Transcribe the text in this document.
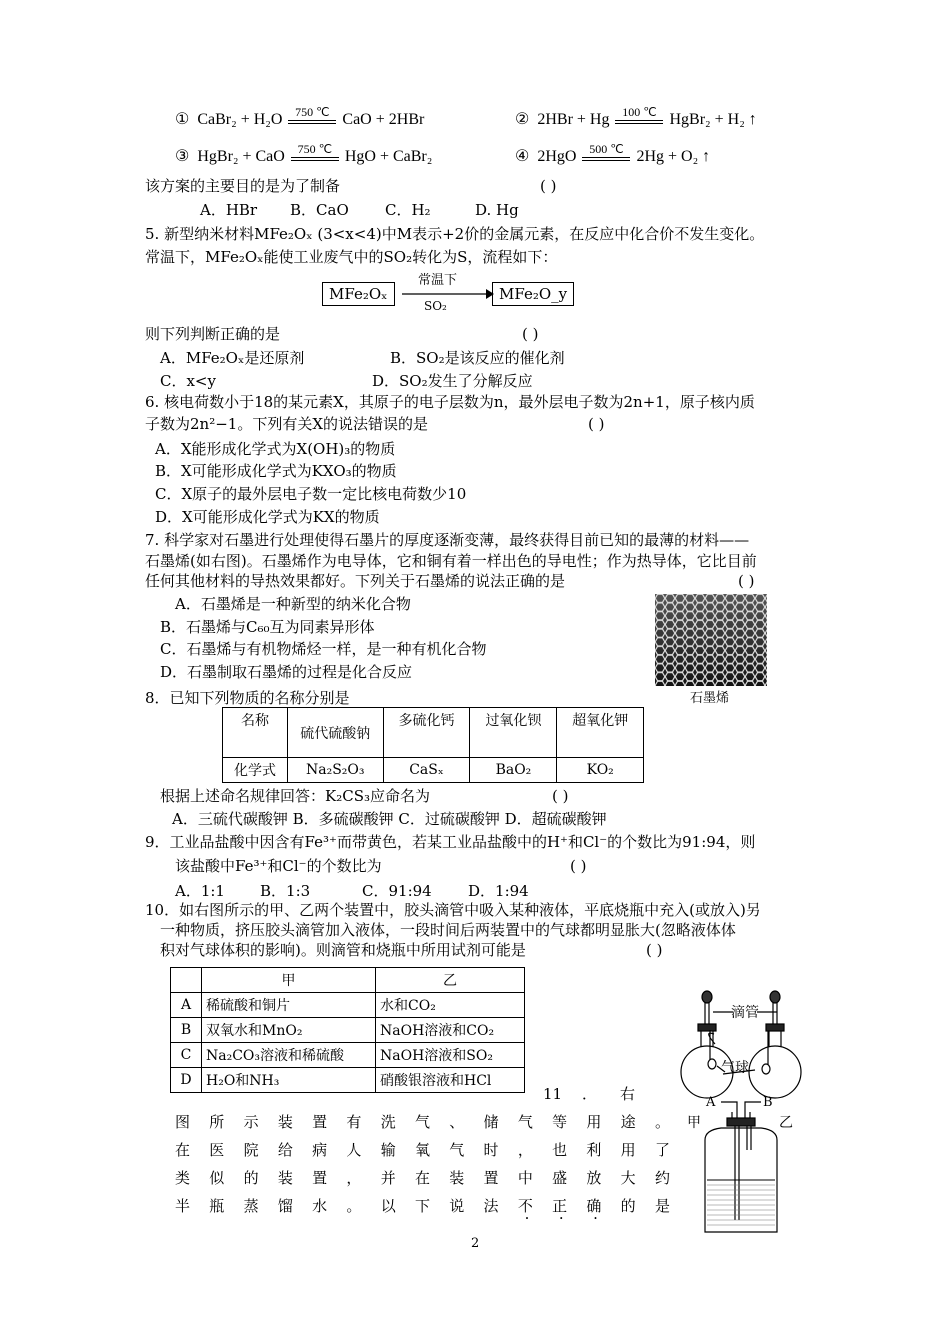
① CaBr₂ + H₂O	750 ℃ CaO + 2HBr	② 2HBr + Hg	100 ℃ HgBr₂ + H₂ ↑
③ HgBr₂ + CaO	750 ℃ HgO + CaBr₂	④ 2HgO	500 ℃ 2Hg + O₂ ↑
该方案的主要目的是为了制备	( )
A．HBr B．CaO C．H₂	D. Hg
5. 新型纳米材料MFe₂Oₓ (3<x<4)中M表示+2价的金属元素，在反应中化合价不发生变化。
常温下，MFe₂Oₓ能使工业废气中的SO₂转化为S，流程如下：
MFe₂Oₓ
常温下
SO₂
MFe₂O_y
则下列判断正确的是	( )
A．MFe₂Oₓ是还原剂	B．SO₂是该反应的催化剂
C．x<y	D．SO₂发生了分解反应
6. 核电荷数小于18的某元素X，其原子的电子层数为n，最外层电子数为2n+1，原子核内质
子数为2n²−1。下列有关X的说法错误的是	( )
A．X能形成化学式为X(OH)₃的物质
B．X可能形成化学式为KXO₃的物质
C．X原子的最外层电子数一定比核电荷数少10
D．X可能形成化学式为KX的物质
7. 科学家对石墨进行处理使得石墨片的厚度逐渐变薄，最终获得目前已知的最薄的材料——
石墨烯(如右图)。石墨烯作为电导体，它和铜有着一样出色的导电性；作为热导体，它比目前
任何其他材料的导热效果都好。下列关于石墨烯的说法正确的是	( )
A．石墨烯是一种新型的纳米化合物
B．石墨烯与C₆₀互为同素异形体
C．石墨烯与有机物烯烃一样，是一种有机化合物
D．石墨制取石墨烯的过程是化合反应
石墨烯
8．已知下列物质的名称分别是
名称	硫代硫酸钠	多硫化钙	过氧化钡	超氧化钾
化学式	Na₂S₂O₃	CaSₓ	BaO₂	KO₂
根据上述命名规律回答：K₂CS₃应命名为	( )
A．三硫代碳酸钾 B．多硫碳酸钾 C．过硫碳酸钾 D．超硫碳酸钾
9．工业品盐酸中因含有Fe³⁺而带黄色，若某工业品盐酸中的H⁺和Cl⁻的个数比为91:94，则
该盐酸中Fe³⁺和Cl⁻的个数比为	( )
A．1:1 B．1:3	C．91:94 D．1:94
10．如右图所示的甲、乙两个装置中，胶头滴管中吸入某种液体，平底烧瓶中充入(或放入)另
一种物质，挤压胶头滴管加入液体，一段时间后两装置中的气球都明显胀大(忽略液体体
积对气球体积的影响)。则滴管和烧瓶中所用试剂可能是	( )
	甲	乙
A	稀硫酸和铜片	水和CO₂
B	双氧水和MnO₂	NaOH溶液和CO₂
C	Na₂CO₃溶液和稀硫酸	NaOH溶液和SO₂
D	H₂O和NH₃	硝酸银溶液和HCl
滴管
气球
A	B
甲	乙
11 ． 右
图 所 示 装 置 有 洗 气 、 储 气 等 用 途 。
在 医 院 给 病 人 输 氧 气 时 ， 也 利 用 了
类 似 的 装 置 ， 并 在 装 置 中 盛 放 大 约
半 瓶 蒸 馏 水 。 以 下 说 法 不 · 正 · 确 · 的 是
2
